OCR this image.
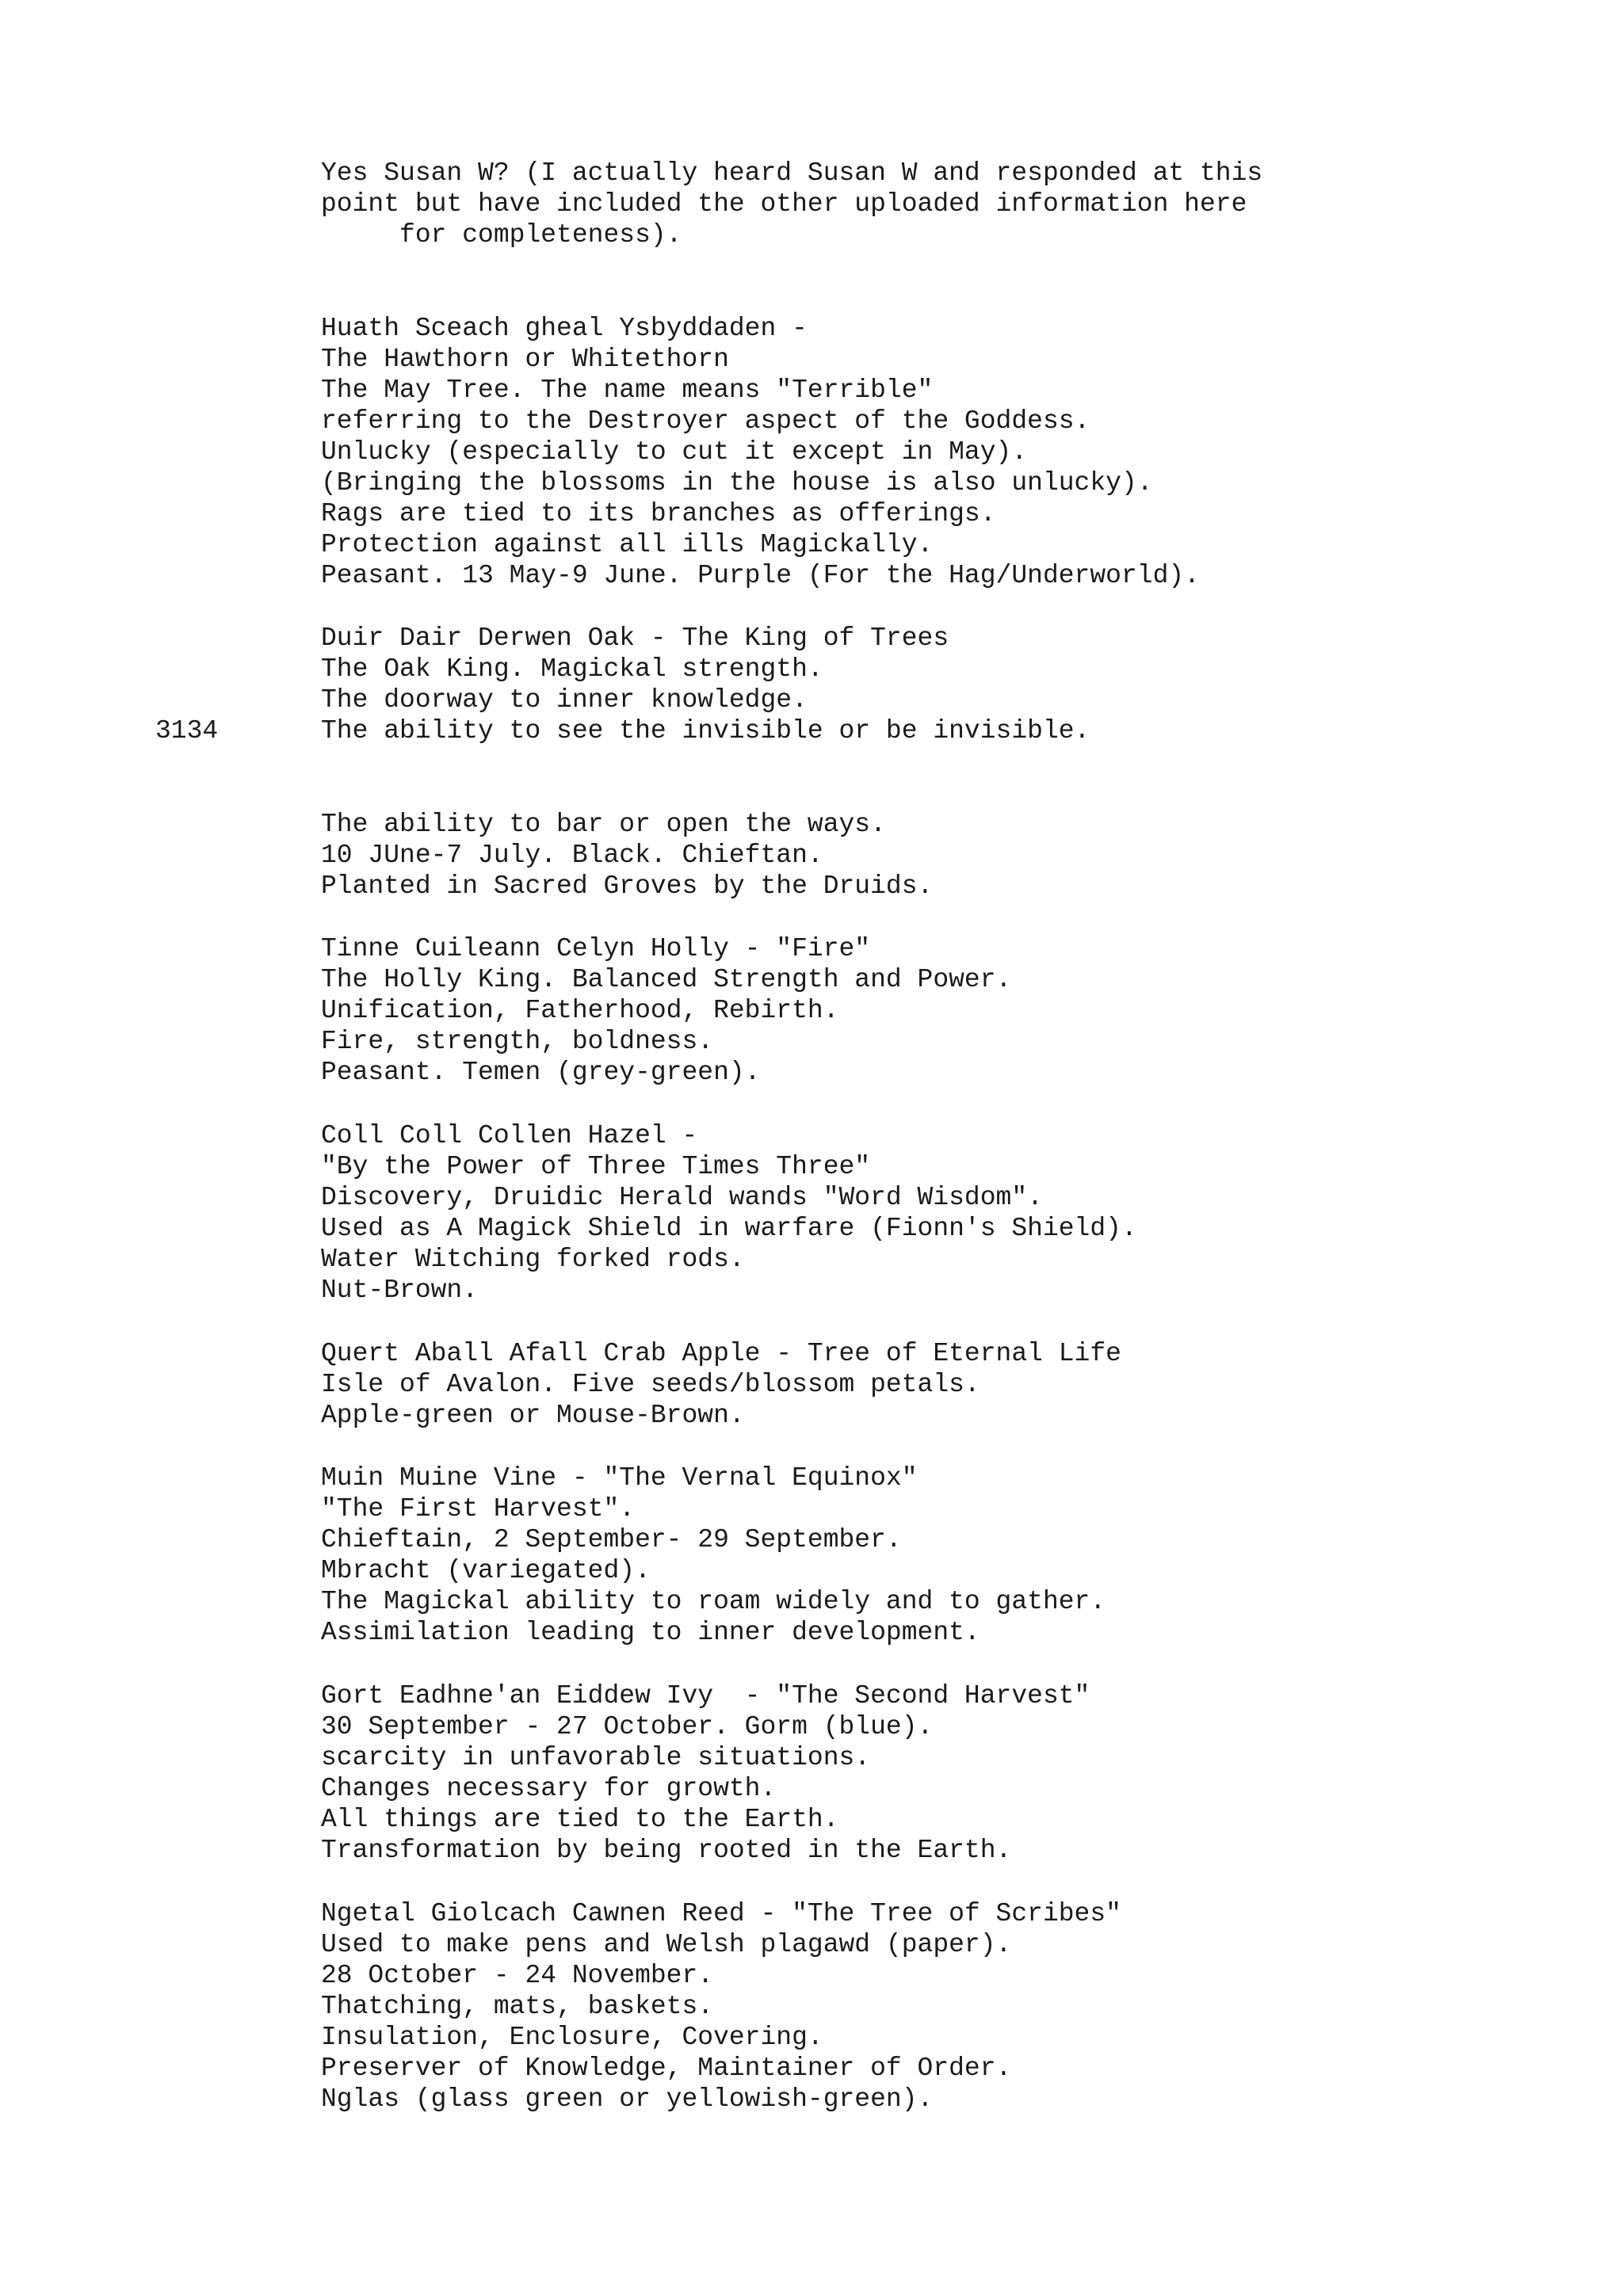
3134
Yes Susan W? (I actually heard Susan W and responded at this
point but have included the other uploaded information here
for completeness).
Huath Sceach gheal Ysbyddaden -
The Hawthorn or Whitethorn
The May Tree. The name means "Terrible"
referring to the Destroyer aspect of the Goddess.
Unlucky (especially to cut it except in May).
(Bringing the blossoms in the house is also unlucky).
Rags are tied to its branches as offerings.
Protection against all ills Magickally.
Peasant. 13 May-9 June. Purple (For the Hag/Underworld).
Duir Dair Derwen Oak - The King of Trees
The Oak King. Magickal strength.
The doorway to inner knowledge.
The ability to see the invisible or be invisible.
The ability to bar or open the ways.
10 JUne-7 July. Black. Chieftan.
Planted in Sacred Groves by the Druids.
Tinne Cuileann Celyn Holly - "Fire"
The Holly King. Balanced Strength and Power.
Unification, Fatherhood, Rebirth.
Fire, strength, boldness.
Peasant. Temen (grey-green).
Coll Coll Collen Hazel -
"By the Power of Three Times Three"
Discovery, Druidic Herald wands "Word Wisdom".
Used as A Magick Shield in warfare (Fionn's Shield).
Water Witching forked rods.
Nut-Brown.
Quert Aball Afall Crab Apple - Tree of Eternal Life
Isle of Avalon. Five seeds/blossom petals.
Apple-green or Mouse-Brown.
Muin Muine Vine - "The Vernal Equinox"
"The First Harvest".
Chieftain, 2 September- 29 September.
Mbracht (variegated).
The Magickal ability to roam widely and to gather.
Assimilation leading to inner development.
Gort Eadhne'an Eiddew Ivy  - "The Second Harvest"
30 September - 27 October. Gorm (blue).
scarcity in unfavorable situations.
Changes necessary for growth.
All things are tied to the Earth.
Transformation by being rooted in the Earth.
Ngetal Giolcach Cawnen Reed - "The Tree of Scribes"
Used to make pens and Welsh plagawd (paper).
28 October - 24 November.
Thatching, mats, baskets.
Insulation, Enclosure, Covering.
Preserver of Knowledge, Maintainer of Order.
Nglas (glass green or yellowish-green).
